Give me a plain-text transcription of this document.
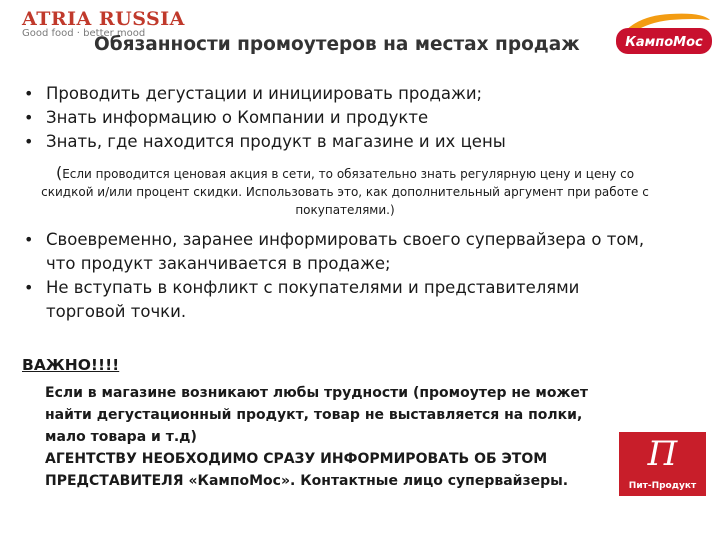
ATRIA RUSSIA
Good food · better mood
Обязанности промоутеров на местах продаж	КампоМос
• Проводить дегустации и инициировать продажи;
• Знать информацию о Компании и продукте
• Знать, где находится продукт в магазине и их цены
(Если проводится ценовая акция в сети, то обязательно знать регулярную цену и цену со скидкой и/или процент скидки. Использовать это, как дополнительный аргумент при работе с покупателями.)
• Своевременно, заранее информировать своего супервайзера о том, что продукт заканчивается в продаже;
• Не вступать в конфликт с покупателями и представителями торговой точки.
ВАЖНО!!!!
Если в магазине возникают любы трудности (промоутер не может найти дегустационный продукт, товар не выставляется на полки, мало товара и т.д)
АГЕНТСТВУ НЕОБХОДИМО СРАЗУ ИНФОРМИРОВАТЬ ОБ ЭТОМ ПРЕДСТАВИТЕЛЯ «КампоМос». Контактные лицо супервайзеры.
П
Пит-Продукт
